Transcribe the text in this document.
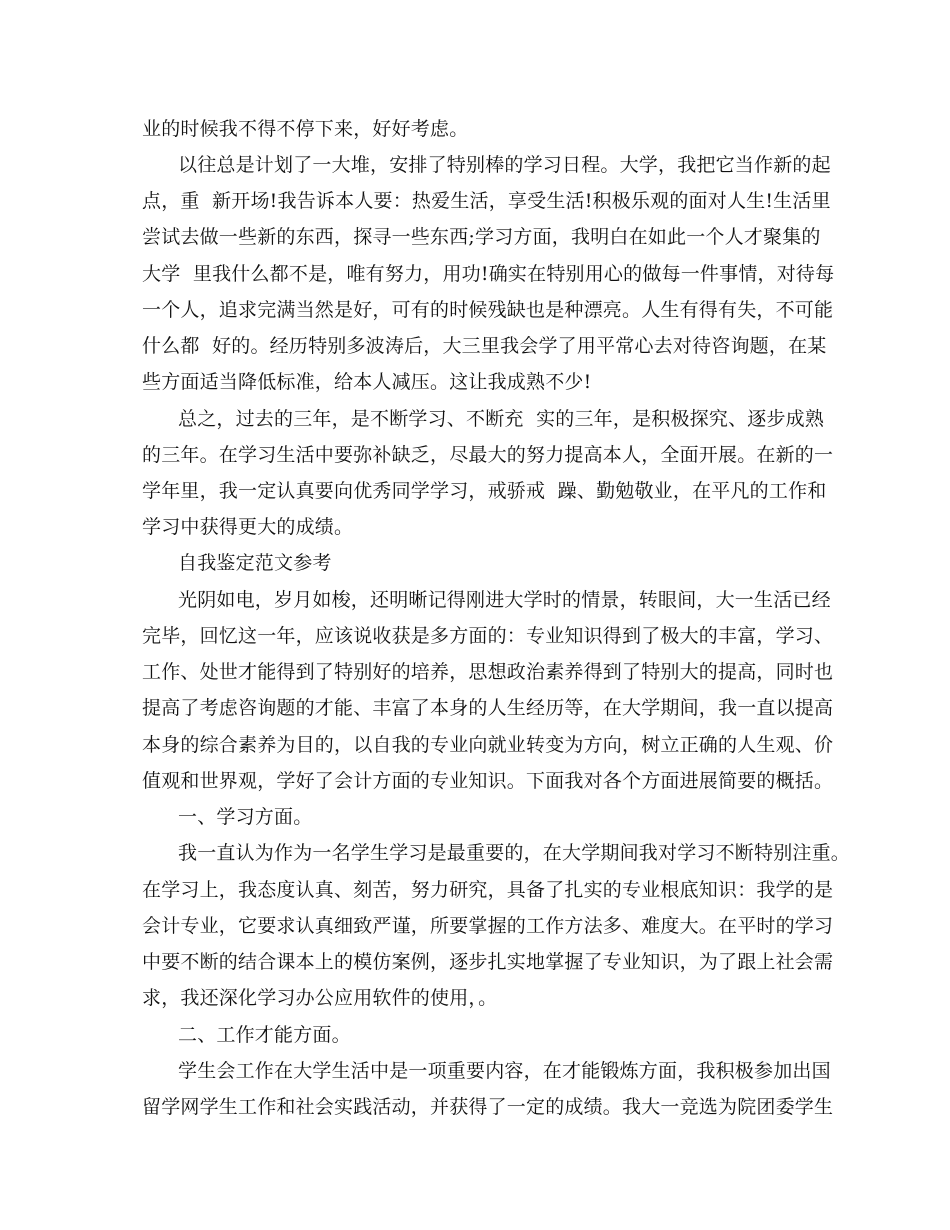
业的时候我不得不停下来，好好考虑。
以往总是计划了一大堆，安排了特别棒的学习日程。大学，我把它当作新的起
点，重  新开场!我告诉本人要：热爱生活，享受生活!积极乐观的面对人生!生活里
尝试去做一些新的东西，探寻一些东西;学习方面，我明白在如此一个人才聚集的
大学  里我什么都不是，唯有努力，用功!确实在特别用心的做每一件事情，对待每
一个人，追求完满当然是好，可有的时候残缺也是种漂亮。人生有得有失，不可能
什么都  好的。经历特别多波涛后，大三里我会学了用平常心去对待咨询题，在某
些方面适当降低标准，给本人减压。这让我成熟不少!
总之，过去的三年，是不断学习、不断充  实的三年，是积极探究、逐步成熟
的三年。在学习生活中要弥补缺乏，尽最大的努力提高本人，全面开展。在新的一
学年里，我一定认真要向优秀同学学习，戒骄戒  躁、勤勉敬业，在平凡的工作和
学习中获得更大的成绩。
自我鉴定范文参考
光阴如电，岁月如梭，还明晰记得刚进大学时的情景，转眼间，大一生活已经
完毕，回忆这一年，应该说收获是多方面的：专业知识得到了极大的丰富，学习、
工作、处世才能得到了特别好的培养，思想政治素养得到了特别大的提高，同时也
提高了考虑咨询题的才能、丰富了本身的人生经历等，在大学期间，我一直以提高
本身的综合素养为目的，以自我的专业向就业转变为方向，树立正确的人生观、价
值观和世界观，学好了会计方面的专业知识。下面我对各个方面进展简要的概括。
一、学习方面。
我一直认为作为一名学生学习是最重要的，在大学期间我对学习不断特别注重。
在学习上，我态度认真、刻苦，努力研究，具备了扎实的专业根底知识：我学的是
会计专业，它要求认真细致严谨，所要掌握的工作方法多、难度大。在平时的学习
中要不断的结合课本上的模仿案例，逐步扎实地掌握了专业知识，为了跟上社会需
求，我还深化学习办公应用软件的使用，。
二、工作才能方面。
学生会工作在大学生活中是一项重要内容，在才能锻炼方面，我积极参加出国
留学网学生工作和社会实践活动，并获得了一定的成绩。我大一竞选为院团委学生
